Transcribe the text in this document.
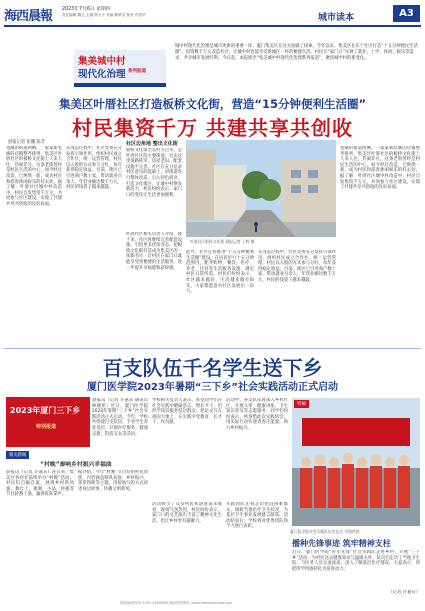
海西晨報 2023年7月6日 星期四
责任编辑 魏立 主编 杨小子 美编 赖梦洁 校对 许碧华	城市读本	A3
集美城中村
现代化治理 系列报道
城中村现代化治理是城市更新的重要一环，厦门集美区在这方面做了探索。今年以来，集美区在东宁社区打造“十五分钟便民生活圈”，投资数千万元改造社区，让城中村也能享受新城区一样的便捷生活。村民在“家门口”实现了就业、上学、休闲、娱乐等需求，共享城市发展红利。今日起，本报推出“集美城中村现代化治理系列报道”，聚焦城中村的新变化。
集美区叶厝社区打造板桥文化街，营造“15分钟便利生活圈”
村民集资千万 共建共享共创收
晨报记者 张鹏 陈芳
宽敞的街道两侧，一家家新装修的店铺整齐排列，集美区叶厝社区的板桥文化街上人来人往，热闹非凡。这条老街曾经是村民生活的中心，如今经过改造，已焕然一新，成为村民和游客休闲娱乐的好去处。据了解，叶厝社区城中村改造中，村民自发集资千万元，共同参与社区建设，实现了共建共享共创收的良好局面。
在改造过程中，社区党委充分发挥引领作用，组织村民成立合作社，统一运营管理。村民以入股的方式参与分红，每年获得稳定收益。目前，街区已引进商户数十家，带动就业百余人，年营业额达数千万元，村民的钱袋子越来越鼓。
社区边角地 整出文化街
板桥文化街全长约五百米，是叶厝社区的主要街道。过去这里道路狭窄，房屋老旧，配套设施不完善。社区在充分征求村民意见的基础上，对街道进行整体改造，引入特色商业，打造文化街区，让城中村焕发新活力。村民纷纷表示，家门口的变化让生活更加便利。
叶厝社区板桥文化街 晨报记者 王辉 摄
叶厝社区相关负责人介绍，接下来，社区将继续完善配套设施，引进更多优质业态，把板桥文化街打造成为集美区的一张新名片，让村民在家门口就能享受到便捷的生活服务，进一步提升幸福感和获得感。
此外，社区还将推进“十五分钟便利生活圈”建设，在居民步行十五分钟范围内，配齐购物、餐饮、医疗、养老、托育等生活服务设施，满足村民日常所需。村民们纷纷表示，社区越来越好，生活越来越有盼头，大家都愿意为社区发展出一份力。
在改造过程中，社区党委充分发挥引领作用，组织村民成立合作社，统一运营管理。村民以入股的方式参与分红，每年获得稳定收益。目前，街区已引进商户数十家，带动就业百余人，年营业额达数千万元，村民的钱袋子越来越鼓。
宽敞的街道两侧，一家家新装修的店铺整齐排列，集美区叶厝社区的板桥文化街上人来人往，热闹非凡。这条老街曾经是村民生活的中心，如今经过改造，已焕然一新，成为村民和游客休闲娱乐的好去处。据了解，叶厝社区城中村改造中，村民自发集资千万元，共同参与社区建设，实现了共建共享共创收的良好局面。
百支队伍千名学生送下乡
厦门医学院2023年暑期“三下乡”社会实践活动正式启动
2023年厦门三下乡
特别报道
晨报讯（记者 许嘉宾 通讯员 林晓彤）近日，厦门医学院2023年暑期“三下乡”社会实践活动正式启动。今年，学校共组建百支队伍，千名学生奔赴基层，开展医疗服务、健康宣教、科技支农等活动。
学校相关负责人表示，希望同学们在社会实践中磨砺意志，增长才干，用所学知识服务基层群众，把论文写在祖国大地上，在实践中受教育、长才干、作贡献。
活动中，各支队伍将深入乡村社区，开展义诊、健康讲座、卫生知识普及等志愿服务。同学们纷纷表示，将珍惜此次实践机会，用实际行动传递青春正能量，助力乡村振兴。
特稿
厦门医学院社会实践队出发仪式 学校供图
播种先锋事迹 筑牢精神支柱
近日，厦门医学院“青年先锋”社会实践队走进乡村，开展“三下乡”活动，为村民送去健康知识与温暖关怀。队员们走访了当地卫生院，与医务人员交流座谈，深入了解基层医疗情况。大家表示，将把所学所感转化为前进动力。
（记者 许嘉宾）
相关新闻
“村晚”秦响乡村振兴幸福曲
晨报讯（记者 许嘉宾）连日来，集美区各村社陆续举办“村晚”活动，村民们自编自演，展现乡村新风貌。舞台上，歌舞、小品、快板等节目轮番上演，赢得阵阵掌声。
据介绍，今年“村晚”节目均由村民原创，内容涵盖移风易俗、乡村振兴、邻里和睦等主题，用接地气的方式讲述身边故事，传播文明新风。
活动吸引了众多村民和游客前来观看，现场气氛热烈。村民纷纷表示，家门口的文艺演出丰富了精神文化生活，也让乡村更有凝聚力。
实践团队还将走访慰问困难群众，调研当地医疗卫生状况，为基层卫生事业发展建言献策。活动结束后，学校将对优秀团队和个人进行表彰。
晨报新闻热线 0592-5558888 海西晨报网站 www.haixichenbao.com
